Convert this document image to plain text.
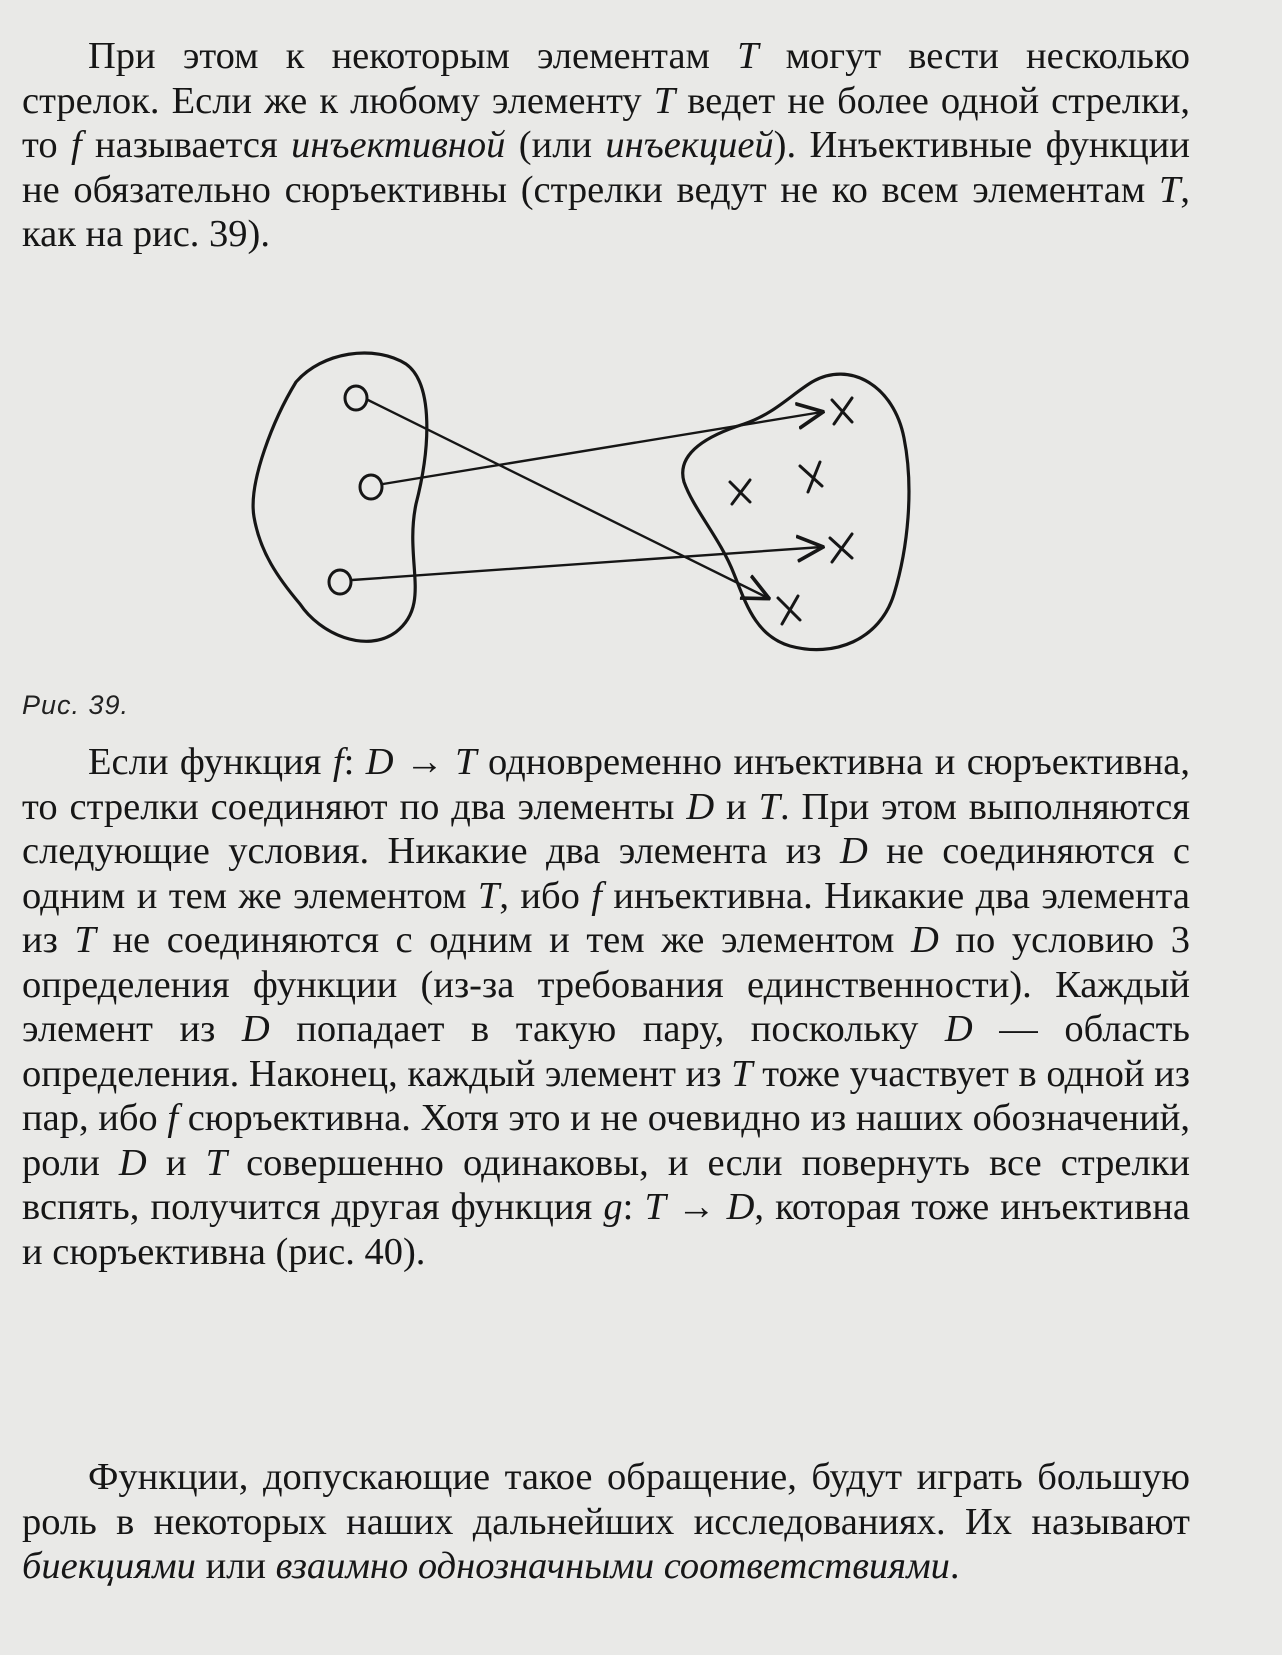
При этом к некоторым элементам T могут вести несколько стрелок. Если же к любому элементу T ведет не более одной стрелки, то f называется инъективной (или инъекцией). Инъективные функции не обязательно сюръективны (стрелки ведут не ко всем элементам T, как на рис. 39).

Рис. 39.

Если функция f: D → T одновременно инъективна и сюръективна, то стрелки соединяют по два элементы D и T. При этом выполняются следующие условия. Никакие два элемента из D не соединяются с одним и тем же элементом T, ибо f инъективна. Никакие два элемента из T не соединяются с одним и тем же элементом D по условию 3 определения функции (из-за требования единственности). Каждый элемент из D попадает в такую пару, поскольку D — область определения. Наконец, каждый элемент из T тоже участвует в одной из пар, ибо f сюръективна. Хотя это и не очевидно из наших обозначений, роли D и T совершенно одинаковы, и если повернуть все стрелки вспять, получится другая функция g: T → D, которая тоже инъективна и сюръективна (рис. 40).

Функции, допускающие такое обращение, будут играть большую роль в некоторых наших дальнейших исследованиях. Их называют биекциями или взаимно однозначными соответствиями.
